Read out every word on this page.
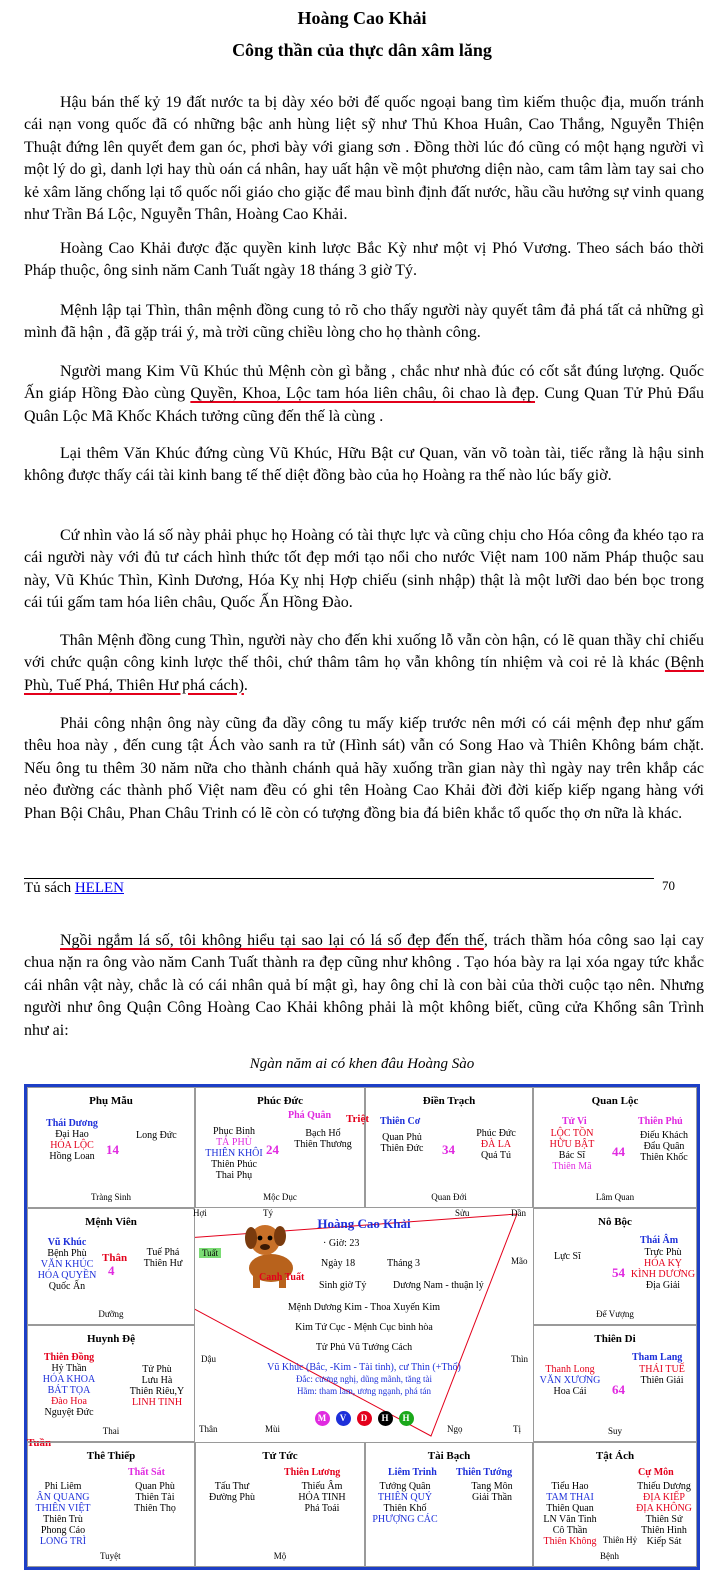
Hoàng Cao Khải
Công thần của thực dân xâm lăng

Hậu bán thế kỷ 19 đất nước ta bị dày xéo bởi đế quốc ngoại bang tìm kiếm thuộc địa, muốn tránh cái nạn vong quốc đã có những bậc anh hùng liệt sỹ như Thủ Khoa Huân, Cao Thắng, Nguyễn Thiện Thuật đứng lên quyết đem gan óc, phơi bày với giang sơn . Đồng thời lúc đó cũng có một hạng người vì một lý do gì, danh lợi hay thù oán cá nhân, hay uất hận về một phương diện nào, cam tâm làm tay sai cho kẻ xâm lăng chống lại tổ quốc nối giáo cho giặc để mau bình định đất nước, hầu cầu hưởng sự vinh quang như Trần Bá Lộc, Nguyễn Thân, Hoàng Cao Khải.

Hoàng Cao Khải được đặc quyền kinh lược Bắc Kỳ như một vị Phó Vương. Theo sách báo thời Pháp thuộc, ông sinh năm Canh Tuất ngày 18 tháng 3 giờ Tý.

Mệnh lập tại Thìn, thân mệnh đồng cung tỏ rõ cho thấy người này quyết tâm đả phá tất cả những gì mình đã hận , đã gặp trái ý, mà trời cũng chiều lòng cho họ thành công.

Người mang Kim Vũ Khúc thủ Mệnh còn gì bằng , chắc như nhà đúc có cốt sắt đúng lượng. Quốc Ấn giáp Hồng Đào cùng Quyền, Khoa, Lộc tam hóa liên châu, ôi chao là đẹp. Cung Quan Tử Phủ Đẩu Quân Lộc Mã Khốc Khách tưởng cũng đến thế là cùng .

Lại thêm Văn Khúc đứng cùng Vũ Khúc, Hữu Bật cư Quan, văn võ toàn tài, tiếc rằng là hậu sinh không được thấy cái tài kinh bang tế thế diệt đồng bào của họ Hoàng ra thế nào lúc bấy giờ.

Cứ nhìn vào lá số này phải phục họ Hoàng có tài thực lực và cũng chịu cho Hóa công đa khéo tạo ra cái người này với đủ tư cách hình thức tốt đẹp mới tạo nổi cho nước Việt nam 100 năm Pháp thuộc sau này, Vũ Khúc Thìn, Kình Dương, Hóa Kỵ nhị Hợp chiếu (sinh nhập) thật là một lưỡi dao bén bọc trong cái túi gấm tam hóa liên châu, Quốc Ấn Hồng Đào.

Thân Mệnh đồng cung Thìn, người này cho đến khi xuống lỗ vẫn còn hận, có lẽ quan thầy chỉ chiếu với chức quận công kinh lược thế thôi, chứ thâm tâm họ vẫn không tín nhiệm và coi rẻ là khác (Bệnh Phù, Tuế Phá, Thiên Hư phá cách).

Phải công nhận ông này cũng đa dầy công tu mấy kiếp trước nên mới có cái mệnh đẹp như gấm thêu hoa này , đến cung tật Ách vào sanh ra tử (Hình sát) vẫn có Song Hao và Thiên Không bám chặt. Nếu ông tu thêm 30 năm nữa cho thành chánh quả hãy xuống trần gian này thì ngày nay trên khắp các nẻo đường các thành phố Việt nam đều có ghi tên Hoàng Cao Khải đời đời kiếp kiếp ngang hàng với Phan Bội Châu, Phan Châu Trinh có lẽ còn có tượng đồng bia đá biên khắc tổ quốc thọ ơn nữa là khác.

Tủ sách HELEN	70

Ngồi ngắm lá số, tôi không hiểu tại sao lại có lá số đẹp đến thế, trách thầm hóa công sao lại cay chua nặn ra ông vào năm Canh Tuất thành ra đẹp cũng như không . Tạo hóa bày ra lại xóa ngay tức khắc cái nhân vật này, chắc là có cái nhân quả bí mật gì, hay ông chỉ là con bài của thời cuộc tạo nên. Nhưng người như ông Quận Công Hoàng Cao Khải không phải là một không biết, cũng cửa Khổng sân Trình như ai:

Ngàn năm ai có khen đâu Hoàng Sào
Phụ Mẫu
Thái Dương
Đại Hao
HÓA LỘC
Hồng Loan 14
Long Đức
Tràng Sinh
Phúc Đức
Phá Quân Triệt
Phục Binh
TẢ PHÙ
THIÊN KHÔI
Thiên Phúc
Thai Phụ
24
Bạch Hổ
Thiên Thương
Mộc Dục
Điền Trạch
Thiên Cơ
Quan Phủ
Thiên Đức	34
Phúc Đức
ĐÀ LA
Quả Tú
Quan Đới
Quan Lộc
Tử Vi	Thiên Phủ
LỘC TỒN
HỮU BẬT
Bác Sĩ
Thiên Mã
44
Điếu Khách
Đẩu Quân
Thiên Khốc
Lâm Quan
Mệnh Viên
Vũ Khúc
Bệnh Phù
VĂN KHÚC
HÓA QUYỀN
Quốc Ấn
Thân
4
Tuế Phá
Thiên Hư
Dưỡng
Nô Bộc
Thái Âm
Lực Sĩ
54
Trực Phù
HÓA KỴ
KÌNH DƯƠNG
Địa Giải
Đế Vượng
Huynh Đệ
Thiên Đồng
Hỷ Thần
HÓA KHOA
BÁT TỌA
Đào Hoa
Nguyệt Đức
Tử Phù
Lưu Hà
Thiên Riêu,Y
LINH TINH
Thai
Thiên Di
Tham Lang
Thanh Long
VĂN XƯƠNG
Hoa Cái	64
THÁI TUẾ
Thiên Giải
Suy
Tuần
Thê Thiếp
Thất Sát
Phi Liêm
ÂN QUANG
THIÊN VIỆT
Thiên Trù
Phong Cáo
LONG TRÌ
Quan Phù
Thiên Tài
Thiên Thọ
Tuyệt
Tử Tức
Thiên Lương
Tấu Thư
Đường Phù
Thiếu Âm
HỎA TINH
Phá Toái
Mộ
Tài Bạch
Liêm Trinh Thiên Tướng
Tướng Quân
THIÊN QUÝ
Thiên Khố
PHƯỢNG CÁC
Tang Môn
Giải Thần
Tật Ách
Cự Môn
Tiểu Hao
TAM THAI
Thiên Quan
LN Văn Tinh
Cô Thần
Thiên Không Thiên Hỷ
Thiếu Dương
ĐỊA KIẾP
ĐỊA KHÔNG
Thiên Sứ
Thiên Hình
Kiếp Sát
Bệnh
Hợi	Tý	Sửu	Dần
Mão
Dậu	Thìn
Thân	Mùi	Ngọ	Tị
Tuất
Hoàng Cao Khải
· Giờ: 23
Ngày 18	Tháng 3
Canh Tuất
Sinh giờ Tý	Dương Nam - thuận lý
Mệnh Dương Kim - Thoa Xuyến Kim
Kim Tứ Cục - Mệnh Cục bình hòa
Tử Phủ Vũ Tướng Cách
Vũ Khúc (Bắc, -Kim - Tài tinh), cư Thìn (+Thổ)
Đắc: cương nghị, dũng mãnh, tăng tài
Hãm: tham lam, ương ngạnh, phá tán
M V D H H
